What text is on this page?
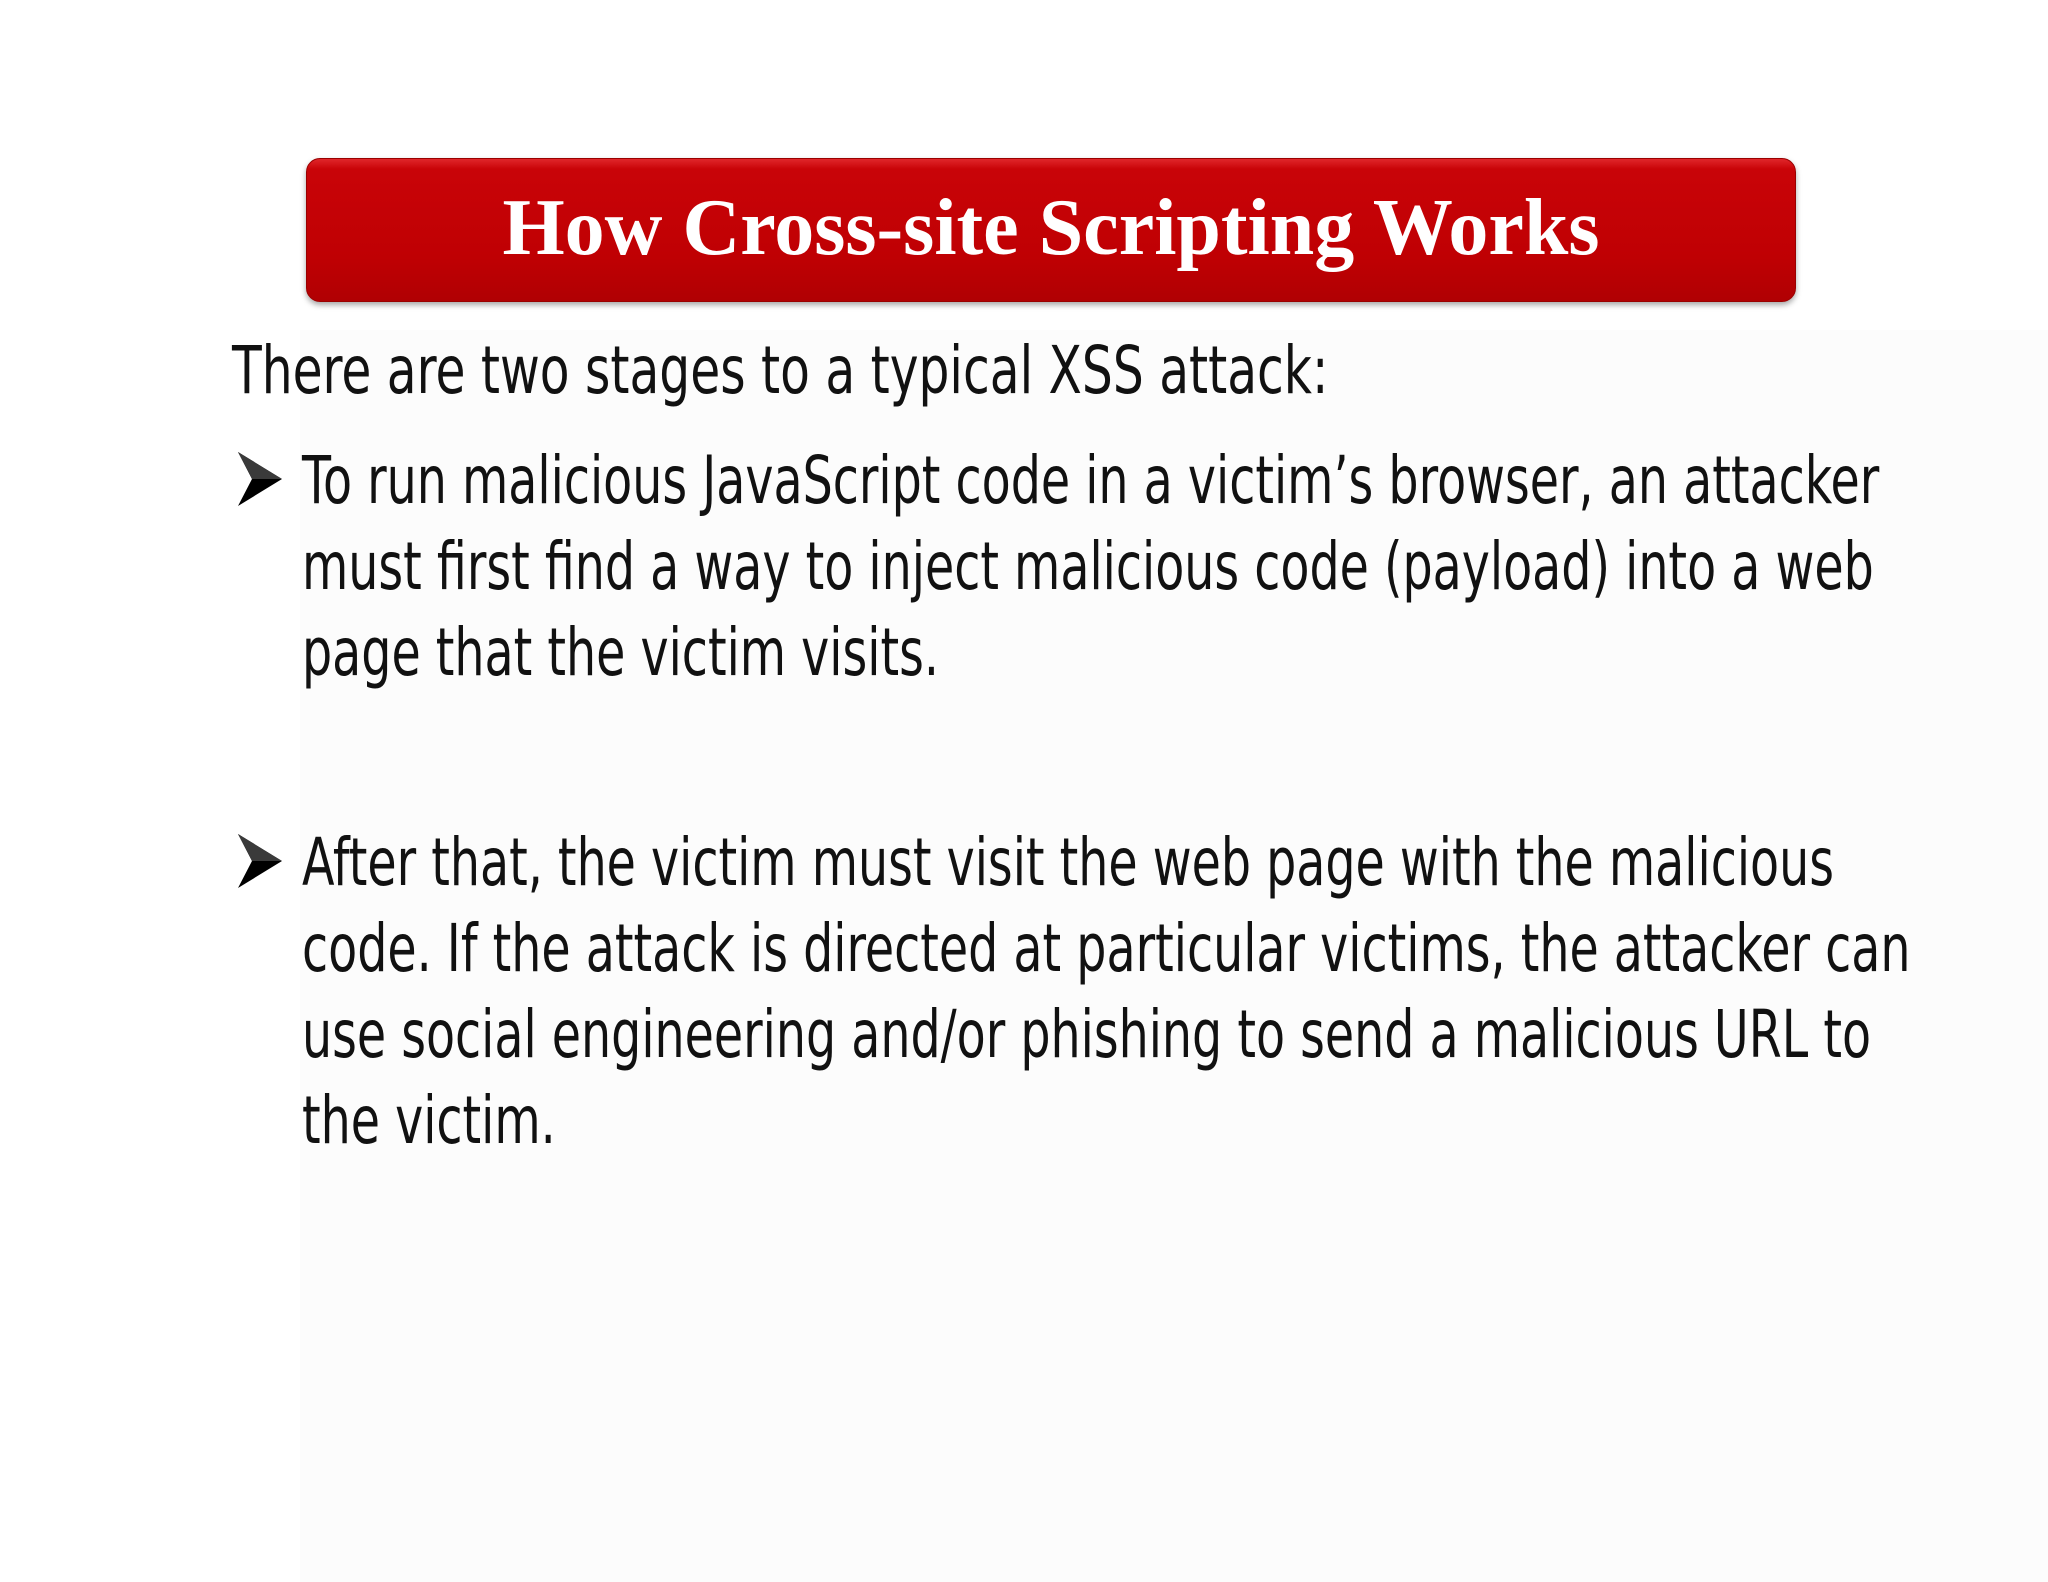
How Cross-site Scripting Works
There are two stages to a typical XSS attack:
To run malicious JavaScript code in a victim’s browser, an attacker
must first find a way to inject malicious code (payload) into a web
page that the victim visits.
After that, the victim must visit the web page with the malicious
code. If the attack is directed at particular victims, the attacker can
use social engineering and/or phishing to send a malicious URL to
the victim.
